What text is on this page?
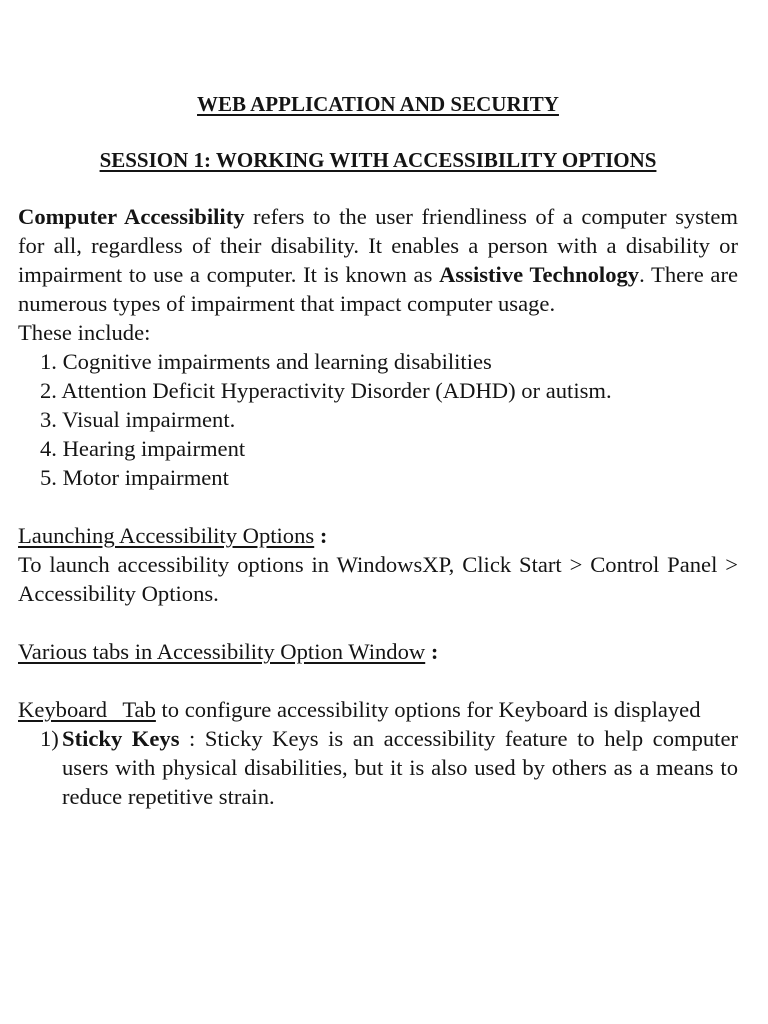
WEB APPLICATION AND SECURITY

SESSION 1: WORKING WITH ACCESSIBILITY OPTIONS

Computer Accessibility refers to the user friendliness of a computer system for all, regardless of their disability. It enables a person with a disability or impairment to use a computer. It is known as Assistive Technology. There are numerous types of impairment that impact computer usage.

These include:

1. Cognitive impairments and learning disabilities
2. Attention Deficit Hyperactivity Disorder (ADHD) or autism.
3. Visual impairment.
4. Hearing impairment
5. Motor impairment

Launching Accessibility Options :

To launch accessibility options in WindowsXP, Click Start > Control Panel > Accessibility Options.

Various tabs in Accessibility Option Window :

Keyboard Tab to configure accessibility options for Keyboard is displayed

1) Sticky Keys : Sticky Keys is an accessibility feature to help computer users with physical disabilities, but it is also used by others as a means to reduce repetitive strain.
